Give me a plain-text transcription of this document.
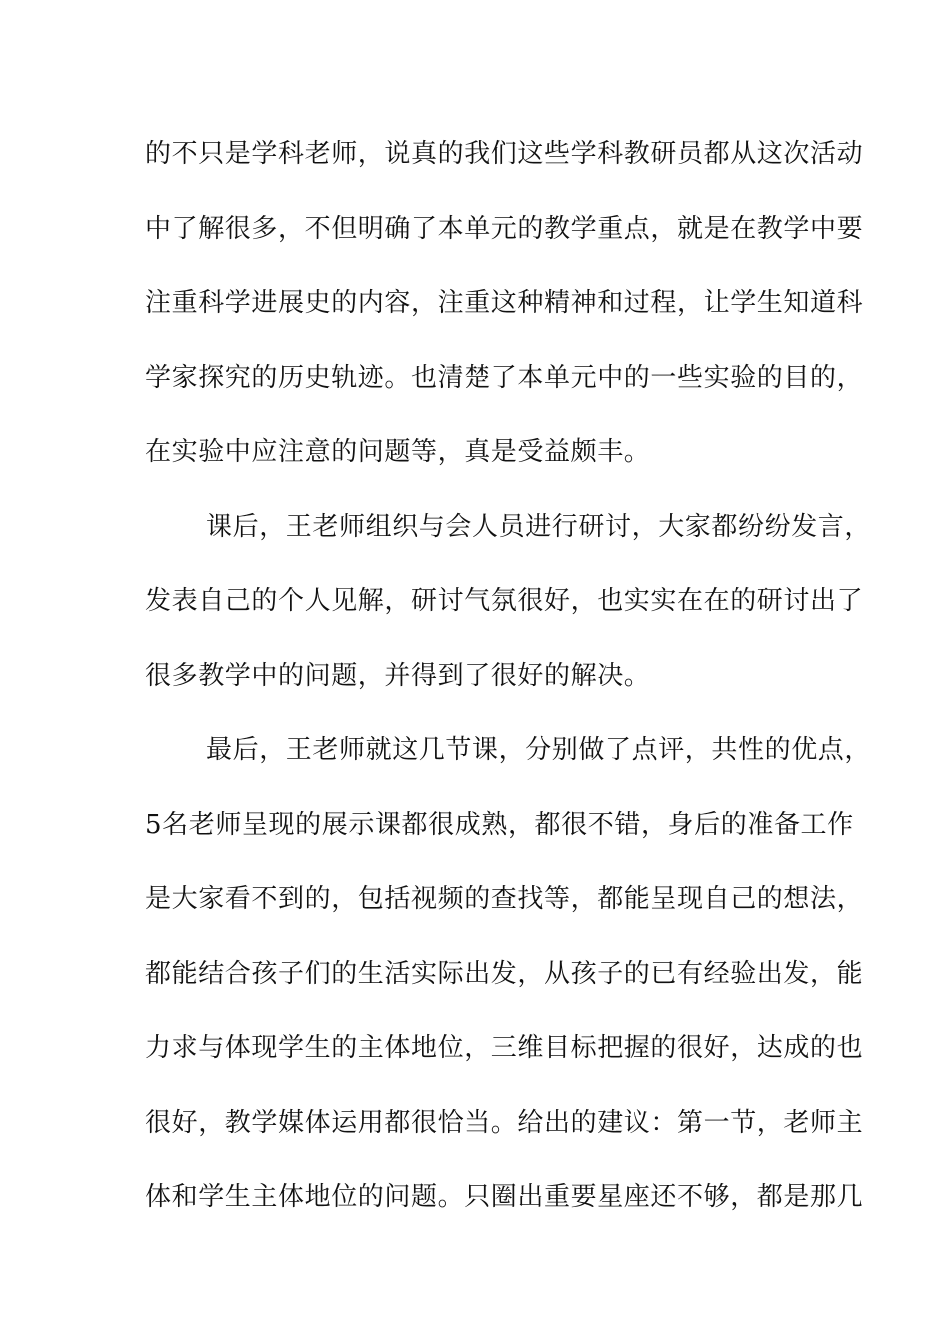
的不只是学科老师，说真的我们这些学科教研员都从这次活动
中了解很多，不但明确了本单元的教学重点，就是在教学中要
注重科学进展史的内容，注重这种精神和过程，让学生知道科
学家探究的历史轨迹。也清楚了本单元中的一些实验的目的，
在实验中应注意的问题等，真是受益颇丰。
课后，王老师组织与会人员进行研讨，大家都纷纷发言，
发表自己的个人见解，研讨气氛很好，也实实在在的研讨出了
很多教学中的问题，并得到了很好的解决。
最后，王老师就这几节课，分别做了点评，共性的优点，
5名老师呈现的展示课都很成熟，都很不错，身后的准备工作
是大家看不到的，包括视频的查找等，都能呈现自己的想法，
都能结合孩子们的生活实际出发，从孩子的已有经验出发，能
力求与体现学生的主体地位，三维目标把握的很好，达成的也
很好，教学媒体运用都很恰当。给出的建议：第一节，老师主
体和学生主体地位的问题。只圈出重要星座还不够，都是那几
